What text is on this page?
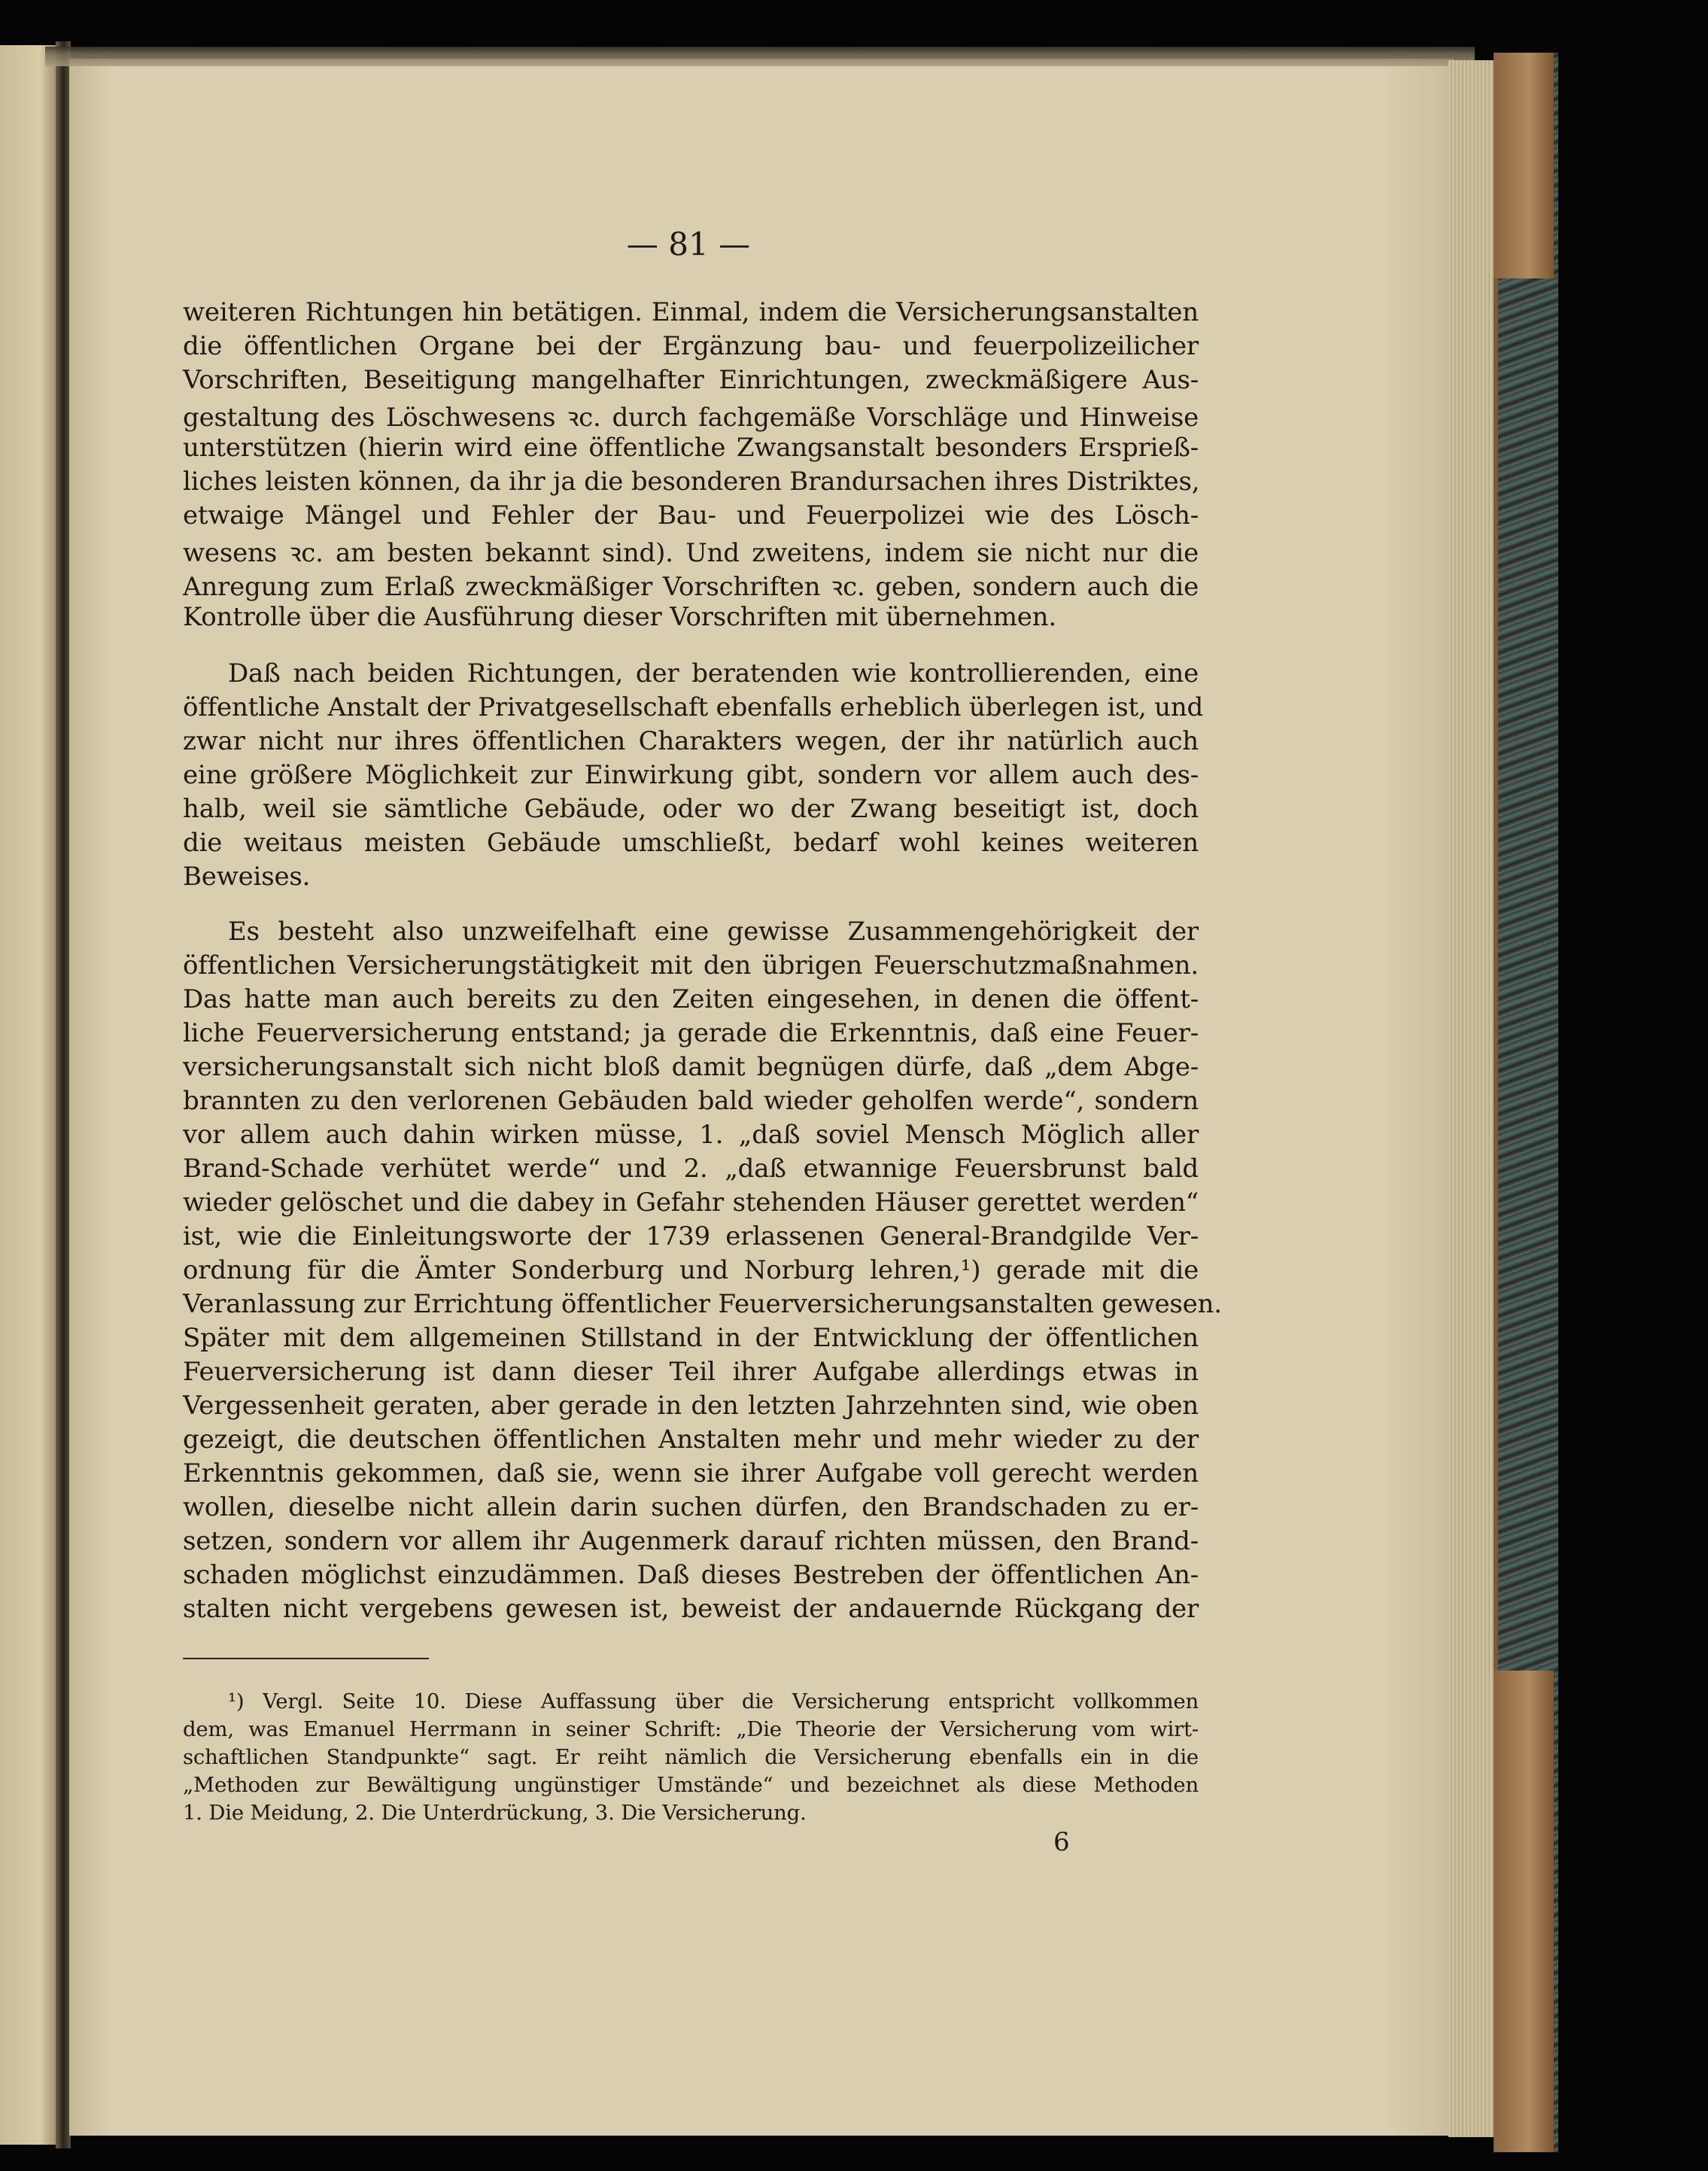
— 81 —
weiteren Richtungen hin betätigen. Einmal, indem die Versicherungsanstalten
die öffentlichen Organe bei der Ergänzung bau- und feuerpolizeilicher
Vorschriften, Beseitigung mangelhafter Einrichtungen, zweckmäßigere Aus-
gestaltung des Löschwesens ꝛc. durch fachgemäße Vorschläge und Hinweise
unterstützen (hierin wird eine öffentliche Zwangsanstalt besonders Ersprieß-
liches leisten können, da ihr ja die besonderen Brandursachen ihres Distriktes,
etwaige Mängel und Fehler der Bau- und Feuerpolizei wie des Lösch-
wesens ꝛc. am besten bekannt sind). Und zweitens, indem sie nicht nur die
Anregung zum Erlaß zweckmäßiger Vorschriften ꝛc. geben, sondern auch die
Kontrolle über die Ausführung dieser Vorschriften mit übernehmen.
Daß nach beiden Richtungen, der beratenden wie kontrollierenden, eine
öffentliche Anstalt der Privatgesellschaft ebenfalls erheblich überlegen ist, und
zwar nicht nur ihres öffentlichen Charakters wegen, der ihr natürlich auch
eine größere Möglichkeit zur Einwirkung gibt, sondern vor allem auch des-
halb, weil sie sämtliche Gebäude, oder wo der Zwang beseitigt ist, doch
die weitaus meisten Gebäude umschließt, bedarf wohl keines weiteren
Beweises.
Es besteht also unzweifelhaft eine gewisse Zusammengehörigkeit der
öffentlichen Versicherungstätigkeit mit den übrigen Feuerschutzmaßnahmen.
Das hatte man auch bereits zu den Zeiten eingesehen, in denen die öffent-
liche Feuerversicherung entstand; ja gerade die Erkenntnis, daß eine Feuer-
versicherungsanstalt sich nicht bloß damit begnügen dürfe, daß „dem Abge-
brannten zu den verlorenen Gebäuden bald wieder geholfen werde“, sondern
vor allem auch dahin wirken müsse, 1. „daß soviel Mensch Möglich aller
Brand-Schade verhütet werde“ und 2. „daß etwannige Feuersbrunst bald
wieder gelöschet und die dabey in Gefahr stehenden Häuser gerettet werden“
ist, wie die Einleitungsworte der 1739 erlassenen General-Brandgilde Ver-
ordnung für die Ämter Sonderburg und Norburg lehren,¹) gerade mit die
Veranlassung zur Errichtung öffentlicher Feuerversicherungsanstalten gewesen.
Später mit dem allgemeinen Stillstand in der Entwicklung der öffentlichen
Feuerversicherung ist dann dieser Teil ihrer Aufgabe allerdings etwas in
Vergessenheit geraten, aber gerade in den letzten Jahrzehnten sind, wie oben
gezeigt, die deutschen öffentlichen Anstalten mehr und mehr wieder zu der
Erkenntnis gekommen, daß sie, wenn sie ihrer Aufgabe voll gerecht werden
wollen, dieselbe nicht allein darin suchen dürfen, den Brandschaden zu er-
setzen, sondern vor allem ihr Augenmerk darauf richten müssen, den Brand-
schaden möglichst einzudämmen. Daß dieses Bestreben der öffentlichen An-
stalten nicht vergebens gewesen ist, beweist der andauernde Rückgang der
¹) Vergl. Seite 10. Diese Auffassung über die Versicherung entspricht vollkommen
dem, was Emanuel Herrmann in seiner Schrift: „Die Theorie der Versicherung vom wirt-
schaftlichen Standpunkte“ sagt. Er reiht nämlich die Versicherung ebenfalls ein in die
„Methoden zur Bewältigung ungünstiger Umstände“ und bezeichnet als diese Methoden
1. Die Meidung, 2. Die Unterdrückung, 3. Die Versicherung.
6
